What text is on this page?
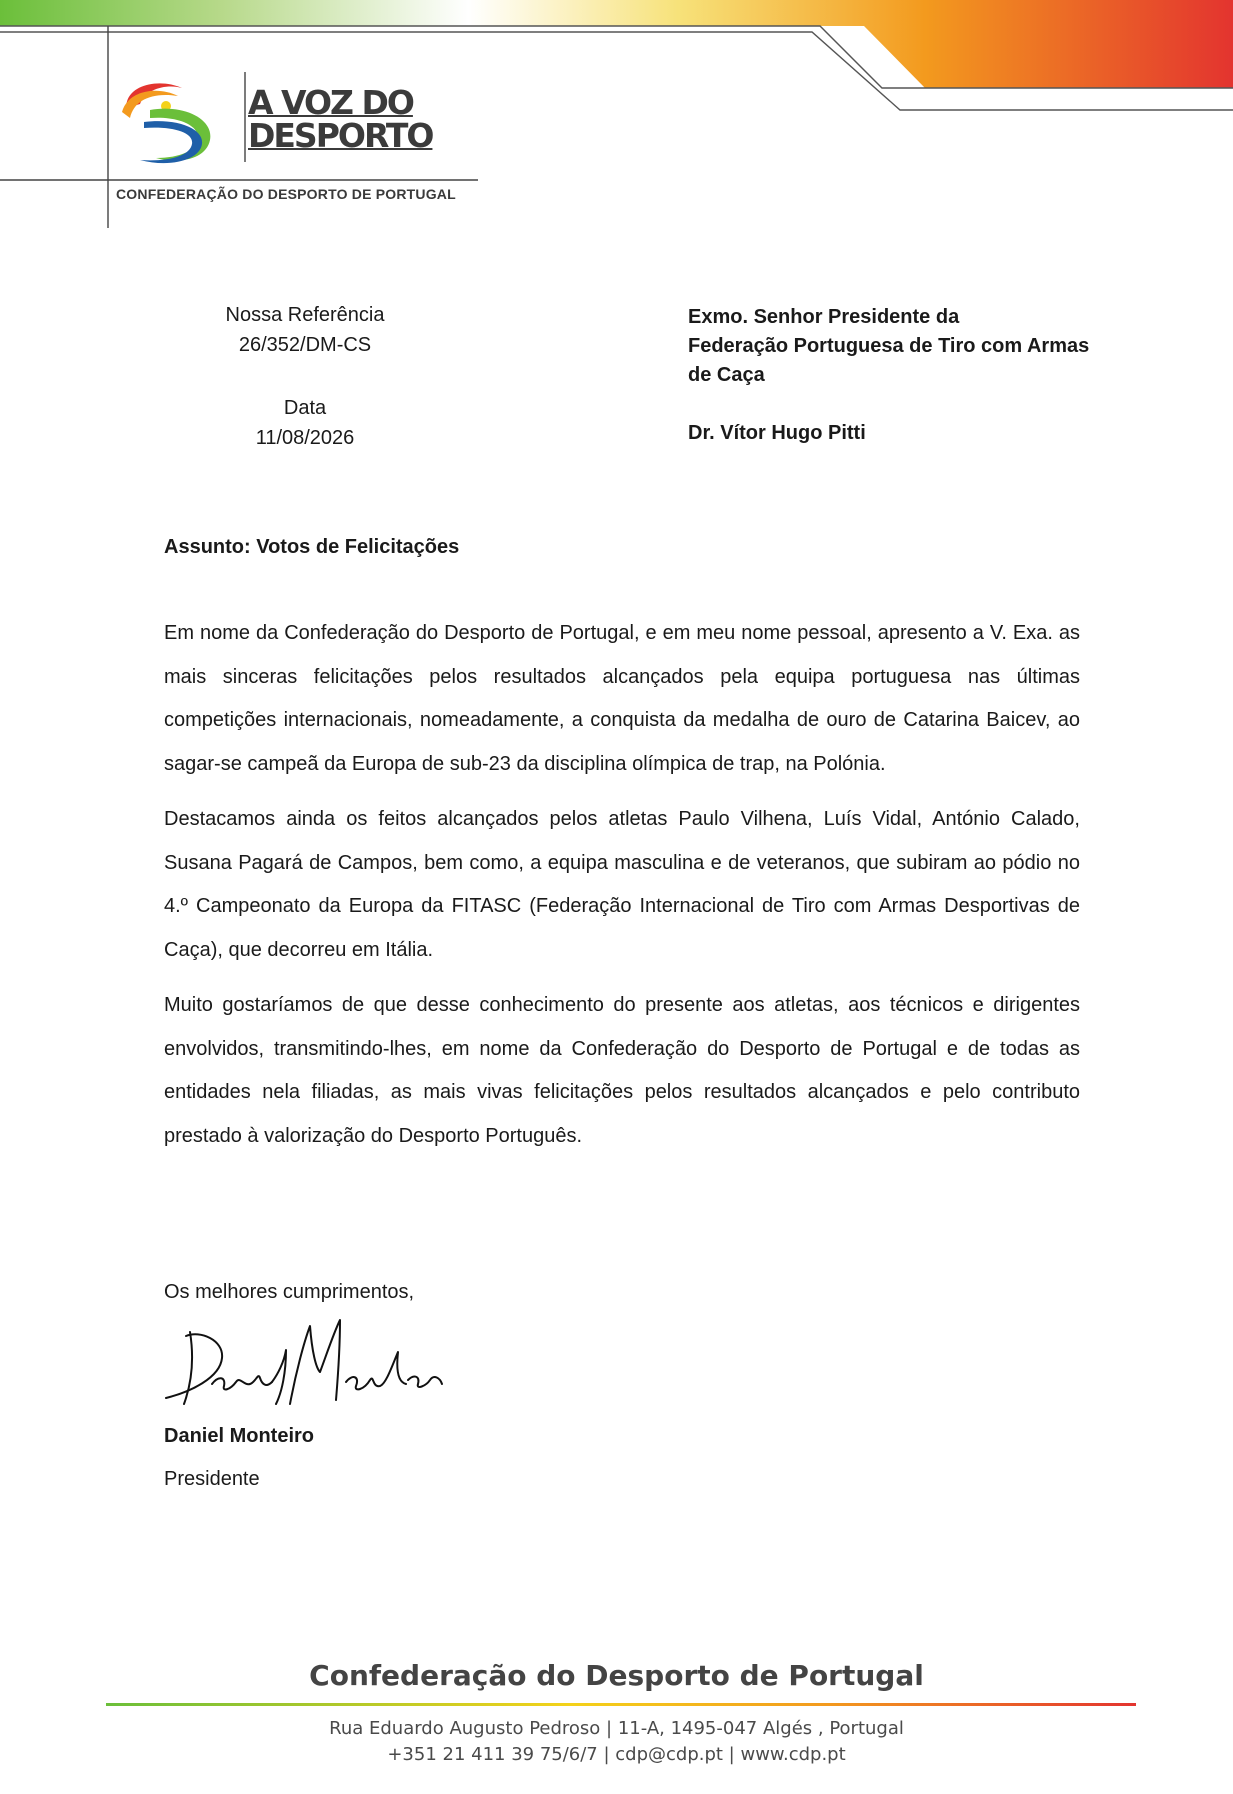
A VOZ DO
DESPORTO
CONFEDERAÇÃO DO DESPORTO DE PORTUGAL
Nossa Referência
26/352/DM-CS
Data
11/08/2026
Exmo. Senhor Presidente da
Federação Portuguesa de Tiro com Armas
de Caça
Dr. Vítor Hugo Pitti
Assunto: Votos de Felicitações

Em nome da Confederação do Desporto de Portugal, e em meu nome pessoal, apresento a V. Exa. as mais sinceras felicitações pelos resultados alcançados pela equipa portuguesa nas últimas competições internacionais, nomeadamente, a conquista da medalha de ouro de Catarina Baicev, ao sagar-se campeã da Europa de sub-23 da disciplina olímpica de trap, na Polónia.

Destacamos ainda os feitos alcançados pelos atletas Paulo Vilhena, Luís Vidal, António Calado, Susana Pagará de Campos, bem como, a equipa masculina e de veteranos, que subiram ao pódio no 4.º Campeonato da Europa da FITASC (Federação Internacional de Tiro com Armas Desportivas de Caça), que decorreu em Itália.

Muito gostaríamos de que desse conhecimento do presente aos atletas, aos técnicos e dirigentes envolvidos, transmitindo-lhes, em nome da Confederação do Desporto de Portugal e de todas as entidades nela filiadas, as mais vivas felicitações pelos resultados alcançados e pelo contributo prestado à valorização do Desporto Português.

Os melhores cumprimentos,
Daniel Monteiro
Presidente
Confederação do Desporto de Portugal
Rua Eduardo Augusto Pedroso | 11-A, 1495-047 Algés , Portugal
+351 21 411 39 75/6/7 | cdp@cdp.pt | www.cdp.pt
